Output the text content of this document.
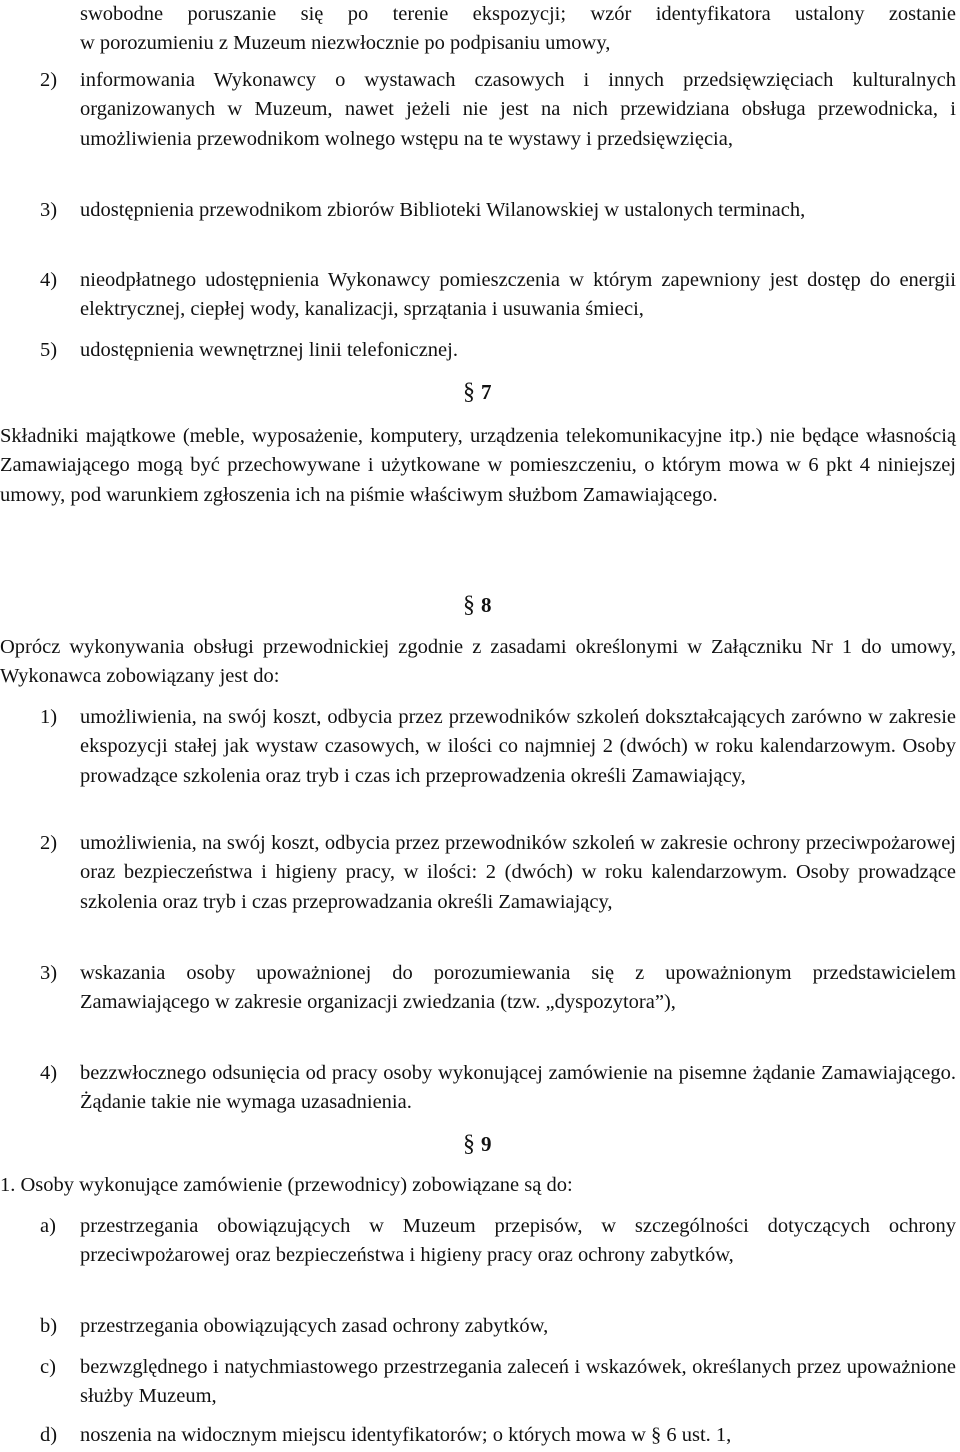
swobodne poruszanie się po terenie ekspozycji; wzór identyfikatora ustalony zostanie

w porozumieniu z Muzeum niezwłocznie po podpisaniu umowy,

2) informowania Wykonawcy o wystawach czasowych i innych przedsięwzięciach kulturalnych organizowanych w Muzeum, nawet jeżeli nie jest na nich przewidziana obsługa przewodnicka, i umożliwienia przewodnikom wolnego wstępu na te wystawy i przedsięwzięcia,

3) udostępnienia przewodnikom zbiorów Biblioteki Wilanowskiej w ustalonych terminach,

4) nieodpłatnego udostępnienia Wykonawcy pomieszczenia w którym zapewniony jest dostęp do energii elektrycznej, ciepłej wody, kanalizacji, sprzątania i usuwania śmieci,

5) udostępnienia wewnętrznej linii telefonicznej.

§ 7

Składniki majątkowe (meble, wyposażenie, komputery, urządzenia telekomunikacyjne itp.) nie będące własnością Zamawiającego mogą być przechowywane i użytkowane w pomieszczeniu, o którym mowa w 6 pkt 4 niniejszej umowy, pod warunkiem zgłoszenia ich na piśmie właściwym służbom Zamawiającego.

§ 8

Oprócz wykonywania obsługi przewodnickiej zgodnie z zasadami określonymi w Załączniku Nr 1 do umowy, Wykonawca zobowiązany jest do:

1) umożliwienia, na swój koszt, odbycia przez przewodników szkoleń dokształcających zarówno w zakresie ekspozycji stałej jak wystaw czasowych, w ilości co najmniej 2 (dwóch) w roku kalendarzowym. Osoby prowadzące szkolenia oraz tryb i czas ich przeprowadzenia określi Zamawiający,

2) umożliwienia, na swój koszt, odbycia przez przewodników szkoleń w zakresie ochrony przeciwpożarowej oraz bezpieczeństwa i higieny pracy, w ilości: 2 (dwóch) w roku kalendarzowym. Osoby prowadzące szkolenia oraz tryb i czas przeprowadzania określi Zamawiający,

3) wskazania osoby upoważnionej do porozumiewania się z upoważnionym przedstawicielem Zamawiającego w zakresie organizacji zwiedzania (tzw. „dyspozytora”),

4) bezzwłocznego odsunięcia od pracy osoby wykonującej zamówienie na pisemne żądanie Zamawiającego. Żądanie takie nie wymaga uzasadnienia.

§ 9

1. Osoby wykonujące zamówienie (przewodnicy) zobowiązane są do:

a) przestrzegania obowiązujących w Muzeum przepisów, w szczególności dotyczących ochrony przeciwpożarowej oraz bezpieczeństwa i higieny pracy oraz ochrony zabytków,

b) przestrzegania obowiązujących zasad ochrony zabytków,

c) bezwzględnego i natychmiastowego przestrzegania zaleceń i wskazówek, określanych przez upoważnione służby Muzeum,

d) noszenia na widocznym miejscu identyfikatorów; o których mowa w § 6 ust. 1,
